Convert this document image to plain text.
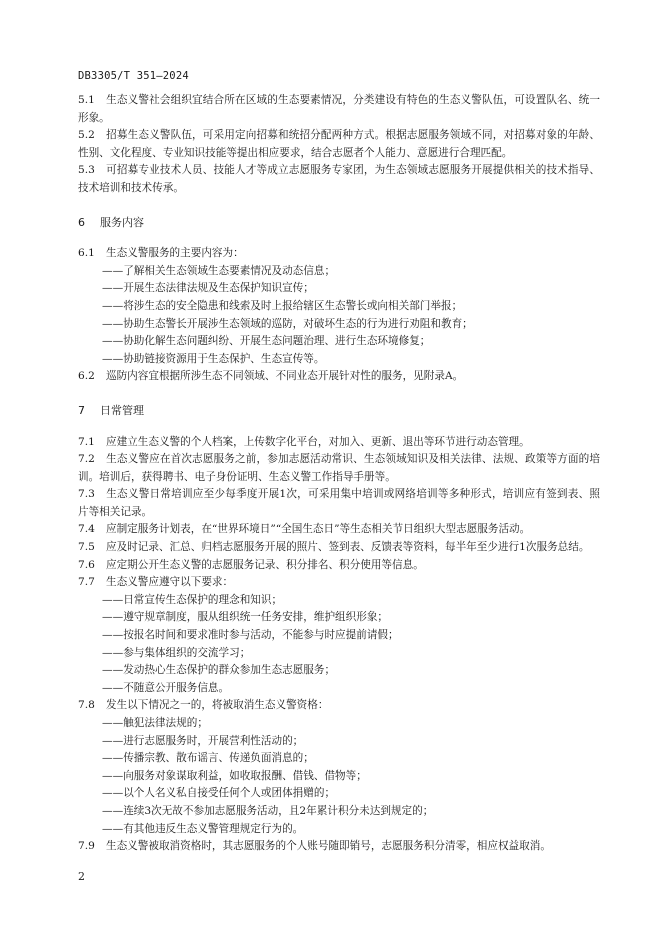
DB3305/T 351—2024

5.1 生态义警社会组织宜结合所在区域的生态要素情况，分类建设有特色的生态义警队伍，可设置队名、统一形象。

5.2 招募生态义警队伍，可采用定向招募和统招分配两种方式。根据志愿服务领域不同，对招募对象的年龄、性别、文化程度、专业知识技能等提出相应要求，结合志愿者个人能力、意愿进行合理匹配。

5.3 可招募专业技术人员、技能人才等成立志愿服务专家团，为生态领域志愿服务开展提供相关的技术指导、技术培训和技术传承。

6 服务内容

6.1 生态义警服务的主要内容为：

——了解相关生态领域生态要素情况及动态信息；

——开展生态法律法规及生态保护知识宣传；

——将涉生态的安全隐患和线索及时上报给辖区生态警长或向相关部门举报；

——协助生态警长开展涉生态领域的巡防，对破坏生态的行为进行劝阻和教育；

——协助化解生态问题纠纷、开展生态问题治理、进行生态环境修复；

——协助链接资源用于生态保护、生态宣传等。

6.2 巡防内容宜根据所涉生态不同领域、不同业态开展针对性的服务，见附录A。

7 日常管理

7.1 应建立生态义警的个人档案，上传数字化平台，对加入、更新、退出等环节进行动态管理。

7.2 生态义警应在首次志愿服务之前，参加志愿活动常识、生态领域知识及相关法律、法规、政策等方面的培训。培训后，获得聘书、电子身份证明、生态义警工作指导手册等。

7.3 生态义警日常培训应至少每季度开展1次，可采用集中培训或网络培训等多种形式，培训应有签到表、照片等相关记录。

7.4 应制定服务计划表，在“世界环境日”“全国生态日”等生态相关节日组织大型志愿服务活动。

7.5 应及时记录、汇总、归档志愿服务开展的照片、签到表、反馈表等资料，每半年至少进行1次服务总结。

7.6 应定期公开生态义警的志愿服务记录、积分排名、积分使用等信息。

7.7 生态义警应遵守以下要求：

——日常宣传生态保护的理念和知识；

——遵守规章制度，服从组织统一任务安排，维护组织形象；

——按报名时间和要求准时参与活动，不能参与时应提前请假；

——参与集体组织的交流学习；

——发动热心生态保护的群众参加生态志愿服务；

——不随意公开服务信息。

7.8 发生以下情况之一的，将被取消生态义警资格：

——触犯法律法规的；

——进行志愿服务时，开展营利性活动的；

——传播宗教、散布谣言、传递负面消息的；

——向服务对象谋取利益，如收取报酬、借钱、借物等；

——以个人名义私自接受任何个人或团体捐赠的；

——连续3次无故不参加志愿服务活动，且2年累计积分未达到规定的；

——有其他违反生态义警管理规定行为的。

7.9 生态义警被取消资格时，其志愿服务的个人账号随即销号，志愿服务积分清零，相应权益取消。

2
